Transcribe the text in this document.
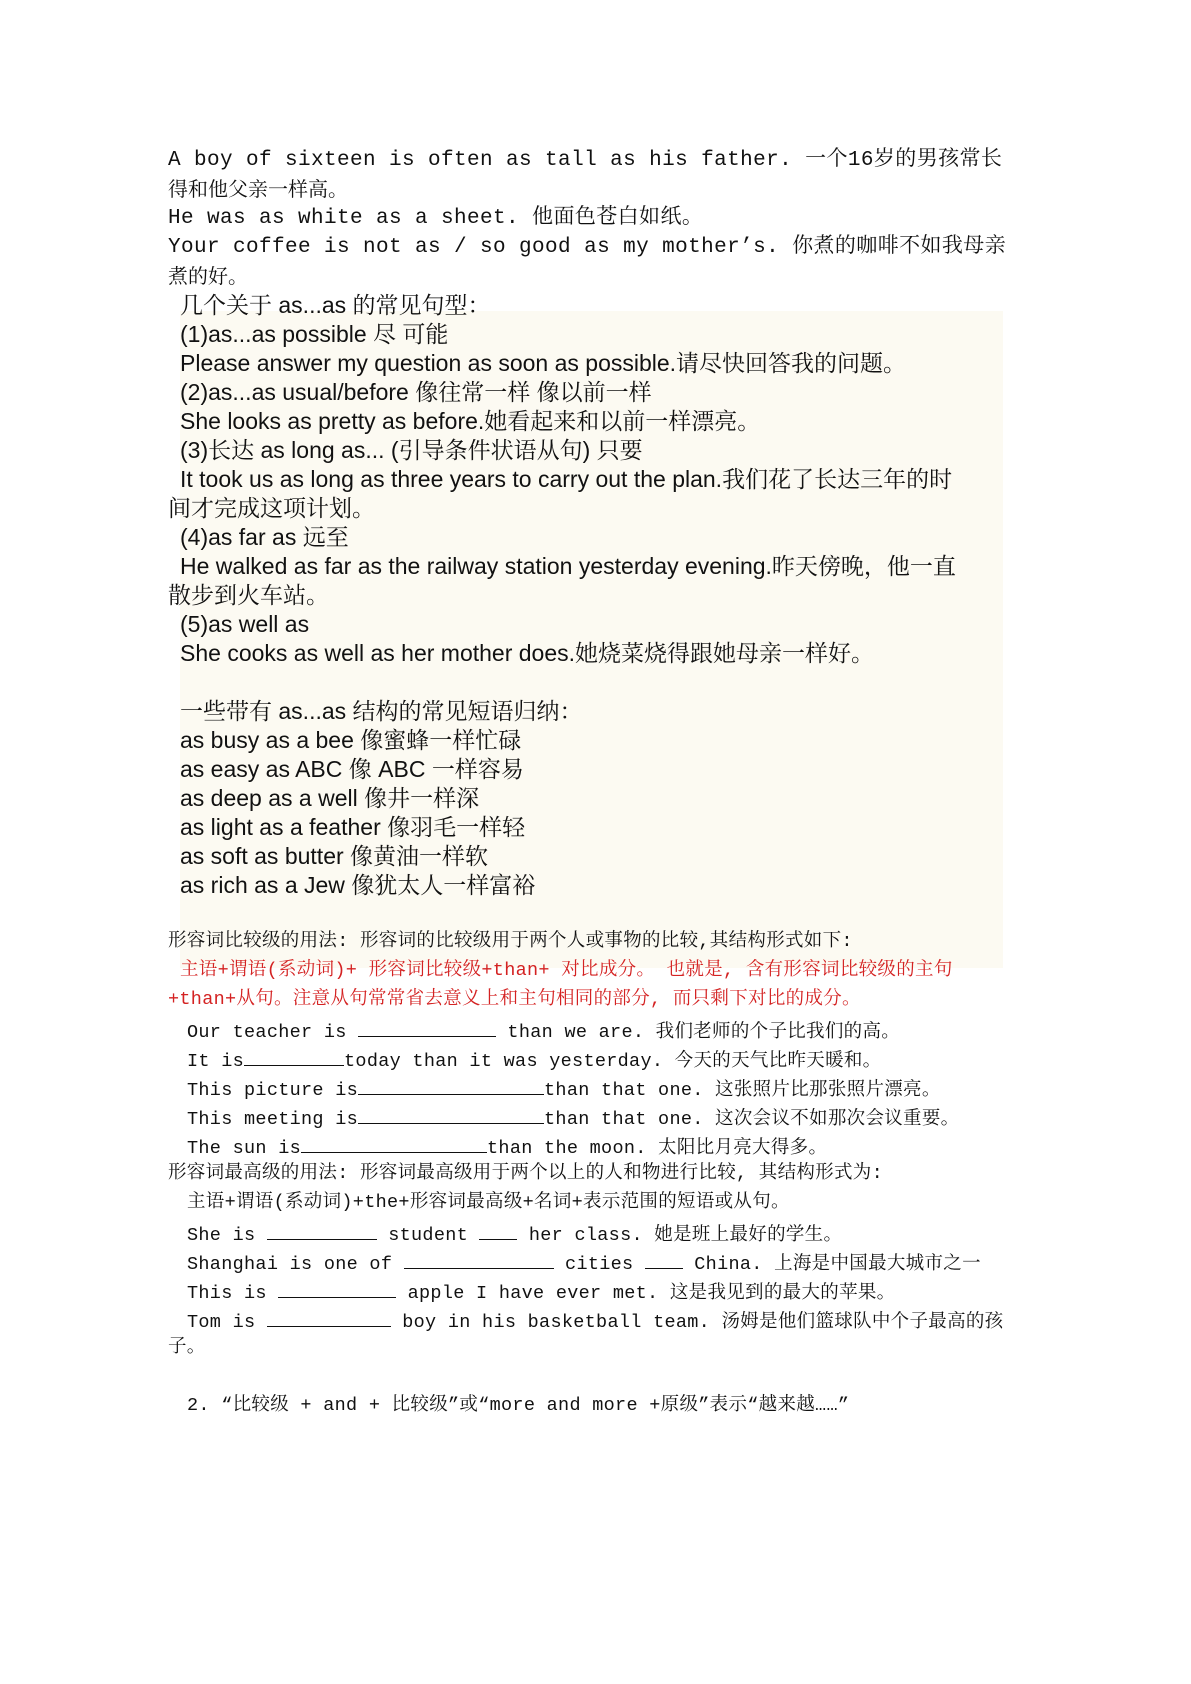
A boy of sixteen is often as tall as his father. 一个16岁的男孩常长
得和他父亲一样高。
He was as white as a sheet. 他面色苍白如纸。
Your coffee is not as / so good as my mother’s. 你煮的咖啡不如我母亲
煮的好。
几个关于 as...as 的常见句型：
(1)as...as possible 尽 可能
Please answer my question as soon as possible.请尽快回答我的问题。
(2)as...as usual/before 像往常一样 像以前一样
She looks as pretty as before.她看起来和以前一样漂亮。
(3)长达 as long as... (引导条件状语从句) 只要
It took us as long as three years to carry out the plan.我们花了长达三年的时
间才完成这项计划。
(4)as far as 远至
He walked as far as the railway station yesterday evening.昨天傍晚，他一直
散步到火车站。
(5)as well as
She cooks as well as her mother does.她烧菜烧得跟她母亲一样好。
一些带有 as...as 结构的常见短语归纳：
as busy as a bee 像蜜蜂一样忙碌
as easy as ABC 像 ABC 一样容易
as deep as a well 像井一样深
as light as a feather 像羽毛一样轻
as soft as butter 像黄油一样软
as rich as a Jew 像犹太人一样富裕
形容词比较级的用法: 形容词的比较级用于两个人或事物的比较,其结构形式如下:
主语+谓语(系动词)+ 形容词比较级+than+ 对比成分。 也就是, 含有形容词比较级的主句
+than+从句。注意从句常常省去意义上和主句相同的部分, 而只剩下对比的成分。
Our teacher is	than we are. 我们老师的个子比我们的高。
It is	today than it was yesterday. 今天的天气比昨天暖和。
This picture is	than that one. 这张照片比那张照片漂亮。
This meeting is	than that one. 这次会议不如那次会议重要。
The sun is	than the moon. 太阳比月亮大得多。
形容词最高级的用法: 形容词最高级用于两个以上的人和物进行比较, 其结构形式为:
主语+谓语(系动词)+the+形容词最高级+名词+表示范围的短语或从句。
She is	student  her class. 她是班上最好的学生。
Shanghai is one of	cities  China. 上海是中国最大城市之一
This is	apple I have ever met. 这是我见到的最大的苹果。
Tom is	boy in his basketball team. 汤姆是他们篮球队中个子最高的孩
子。
2. “比较级 + and + 比较级”或“more and more +原级”表示“越来越……”
